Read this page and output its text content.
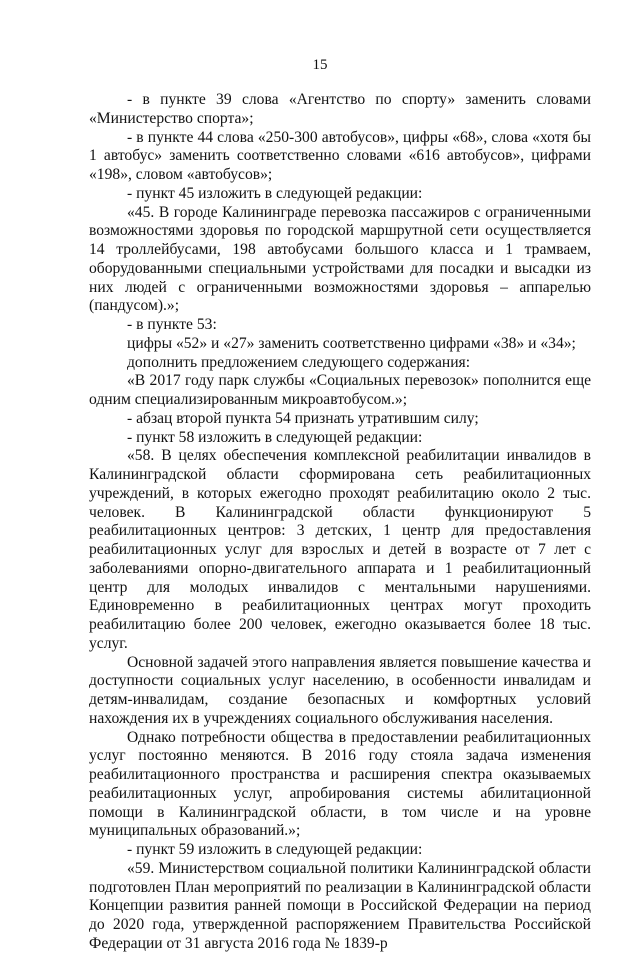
15

- в пункте 39 слова «Агентство по спорту» заменить словами «Министерство спорта»;

- в пункте 44 слова «250-300 автобусов», цифры «68», слова «хотя бы 1 автобус» заменить соответственно словами «616 автобусов», цифрами «198», словом «автобусов»;

- пункт 45 изложить в следующей редакции:

«45. В городе Калининграде перевозка пассажиров с ограниченными возможностями здоровья по городской маршрутной сети осуществляется 14 троллейбусами, 198 автобусами большого класса и 1 трамваем, оборудованными специальными устройствами для посадки и высадки из них людей с ограниченными возможностями здоровья – аппарелью (пандусом).»;

- в пункте 53:

цифры «52» и «27» заменить соответственно цифрами «38» и «34»;

дополнить предложением следующего содержания:

«В 2017 году парк службы «Социальных перевозок» пополнится еще одним специализированным микроавтобусом.»;

- абзац второй пункта 54 признать утратившим силу;

- пункт 58 изложить в следующей редакции:

«58. В целях обеспечения комплексной реабилитации инвалидов в Калининградской области сформирована сеть реабилитационных учреждений, в которых ежегодно проходят реабилитацию около 2 тыс. человек. В Калининградской области функционируют 5 реабилитационных центров: 3 детских, 1 центр для предоставления реабилитационных услуг для взрослых и детей в возрасте от 7 лет с заболеваниями опорно-двигательного аппарата и 1 реабилитационный центр для молодых инвалидов с ментальными нарушениями. Единовременно в реабилитационных центрах могут проходить реабилитацию более 200 человек, ежегодно оказывается более 18 тыс. услуг.

Основной задачей этого направления является повышение качества и доступности социальных услуг населению, в особенности инвалидам и детям-инвалидам, создание безопасных и комфортных условий нахождения их в учреждениях социального обслуживания населения.

Однако потребности общества в предоставлении реабилитационных услуг постоянно меняются. В 2016 году стояла задача изменения реабилитационного пространства и расширения спектра оказываемых реабилитационных услуг, апробирования системы абилитационной помощи в Калининградской области, в том числе и на уровне муниципальных образований.»;

- пункт 59 изложить в следующей редакции:

«59. Министерством социальной политики Калининградской области подготовлен План мероприятий по реализации в Калининградской области Концепции развития ранней помощи в Российской Федерации на период до 2020 года, утвержденной распоряжением Правительства Российской Федерации от 31 августа 2016 года № 1839-р
